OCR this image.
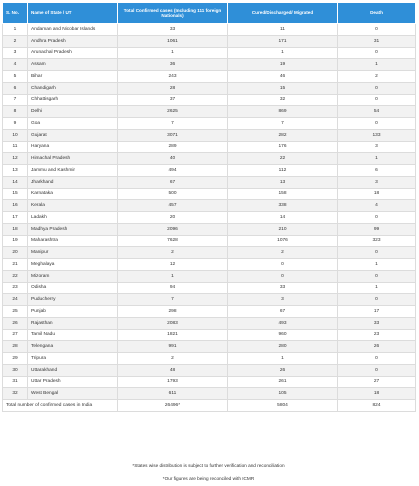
S. No.	Name of State / UT	Total Confirmed cases (Including 111 foreign Nationals)	Cured/Discharged/ Migrated	Death
1	Andaman and Nicobar Islands	33	11	0
2	Andhra Pradesh	1061	171	31
3	Arunachal Pradesh	1	1	0
4	Assam	36	19	1
5	Bihar	243	46	2
6	Chandigarh	28	15	0
7	Chhattisgarh	37	32	0
8	Delhi	2625	869	54
9	Goa	7	7	0
10	Gujarat	3071	282	133
11	Haryana	289	176	3
12	Himachal Pradesh	40	22	1
13	Jammu and Kashmir	494	112	6
14	Jharkhand	67	13	3
15	Karnataka	500	158	18
16	Kerala	457	338	4
17	Ladakh	20	14	0
18	Madhya Pradesh	2096	210	99
19	Maharashtra	7628	1076	323
20	Manipur	2	2	0
21	Meghalaya	12	0	1
22	Mizoram	1	0	0
23	Odisha	94	33	1
24	Puducherry	7	3	0
25	Punjab	298	67	17
26	Rajasthan	2083	493	33
27	Tamil Nadu	1821	960	23
28	Telengana	991	280	26
29	Tripura	2	1	0
30	Uttarakhand	48	26	0
31	Uttar Pradesh	1793	261	27
32	West Bengal	611	105	18
Total number of confirmed cases in India		26496*	5804	824
*States wise distribution is subject to further verification and reconciliation
*Our figures are being reconciled with ICMR
